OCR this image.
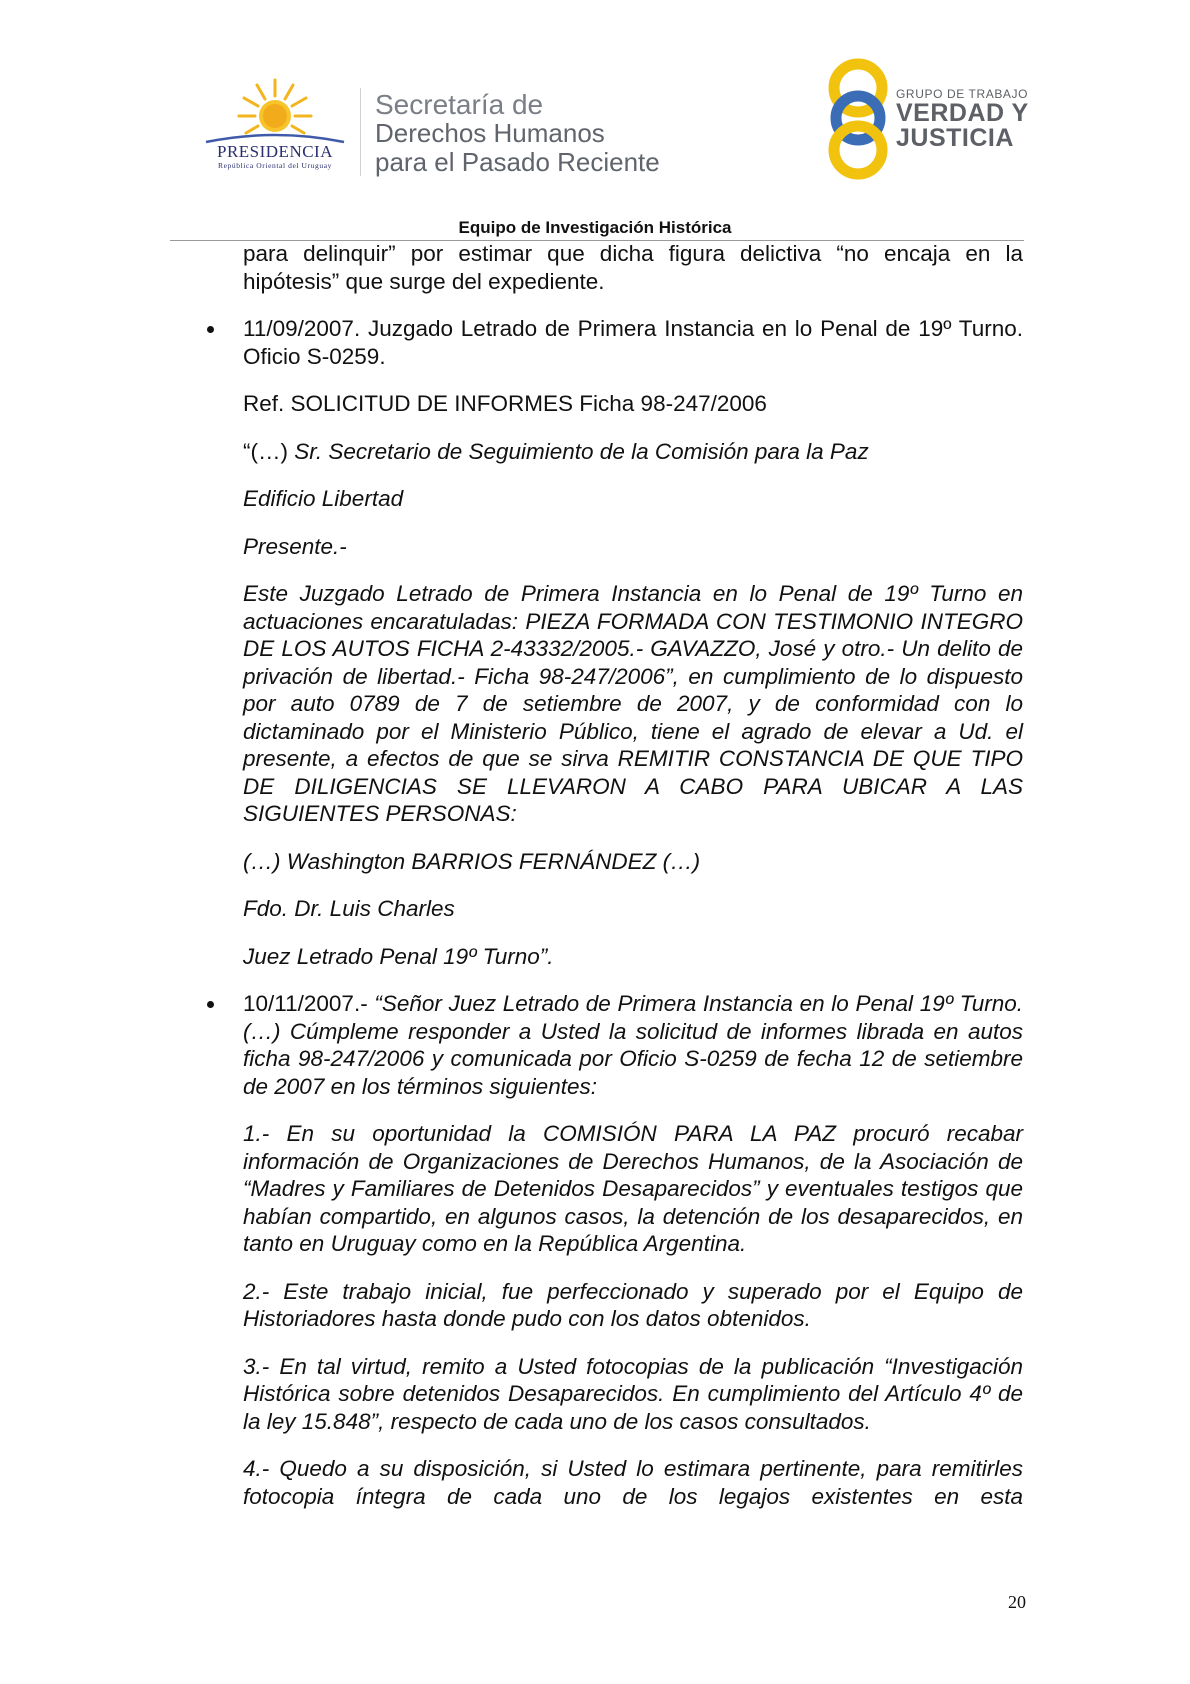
PRESIDENCIA
República Oriental del Uruguay
Secretaría de
Derechos Humanos
para el Pasado Reciente
GRUPO DE TRABAJO
VERDAD Y
JUSTICIA
Equipo de Investigación Histórica

para delinquir” por estimar que dicha figura delictiva “no encaja en la hipótesis” que surge del expediente.

11/09/2007. Juzgado Letrado de Primera Instancia en lo Penal de 19º Turno. Oficio S-0259.

Ref. SOLICITUD DE INFORMES Ficha 98-247/2006

“(…) Sr. Secretario de Seguimiento de la Comisión para la Paz

Edificio Libertad

Presente.-

Este Juzgado Letrado de Primera Instancia en lo Penal de 19º Turno en actuaciones encaratuladas: PIEZA FORMADA CON TESTIMONIO INTEGRO DE LOS AUTOS FICHA 2-43332/2005.- GAVAZZO, José y otro.- Un delito de privación de libertad.- Ficha 98-247/2006”, en cumplimiento de lo dispuesto por auto 0789 de 7 de setiembre de 2007, y de conformidad con lo dictaminado por el Ministerio Público, tiene el agrado de elevar a Ud. el presente, a efectos de que se sirva REMITIR CONSTANCIA DE QUE TIPO DE DILIGENCIAS SE LLEVARON A CABO PARA UBICAR A LAS SIGUIENTES PERSONAS:

(…) Washington BARRIOS FERNÁNDEZ (…)

Fdo. Dr. Luis Charles

Juez Letrado Penal 19º Turno”.

10/11/2007.- “Señor Juez Letrado de Primera Instancia en lo Penal 19º Turno. (…) Cúmpleme responder a Usted la solicitud de informes librada en autos ficha 98-247/2006 y comunicada por Oficio S-0259 de fecha 12 de setiembre de 2007 en los términos siguientes:

1.- En su oportunidad la COMISIÓN PARA LA PAZ procuró recabar información de Organizaciones de Derechos Humanos, de la Asociación de “Madres y Familiares de Detenidos Desaparecidos” y eventuales testigos que habían compartido, en algunos casos, la detención de los desaparecidos, en tanto en Uruguay como en la República Argentina.

2.- Este trabajo inicial, fue perfeccionado y superado por el Equipo de Historiadores hasta donde pudo con los datos obtenidos.

3.- En tal virtud, remito a Usted fotocopias de la publicación “Investigación Histórica sobre detenidos Desaparecidos. En cumplimiento del Artículo 4º de la ley 15.848”, respecto de cada uno de los casos consultados.

4.- Quedo a su disposición, si Usted lo estimara pertinente, para remitirles fotocopia íntegra de cada uno de los legajos existentes en esta

20
